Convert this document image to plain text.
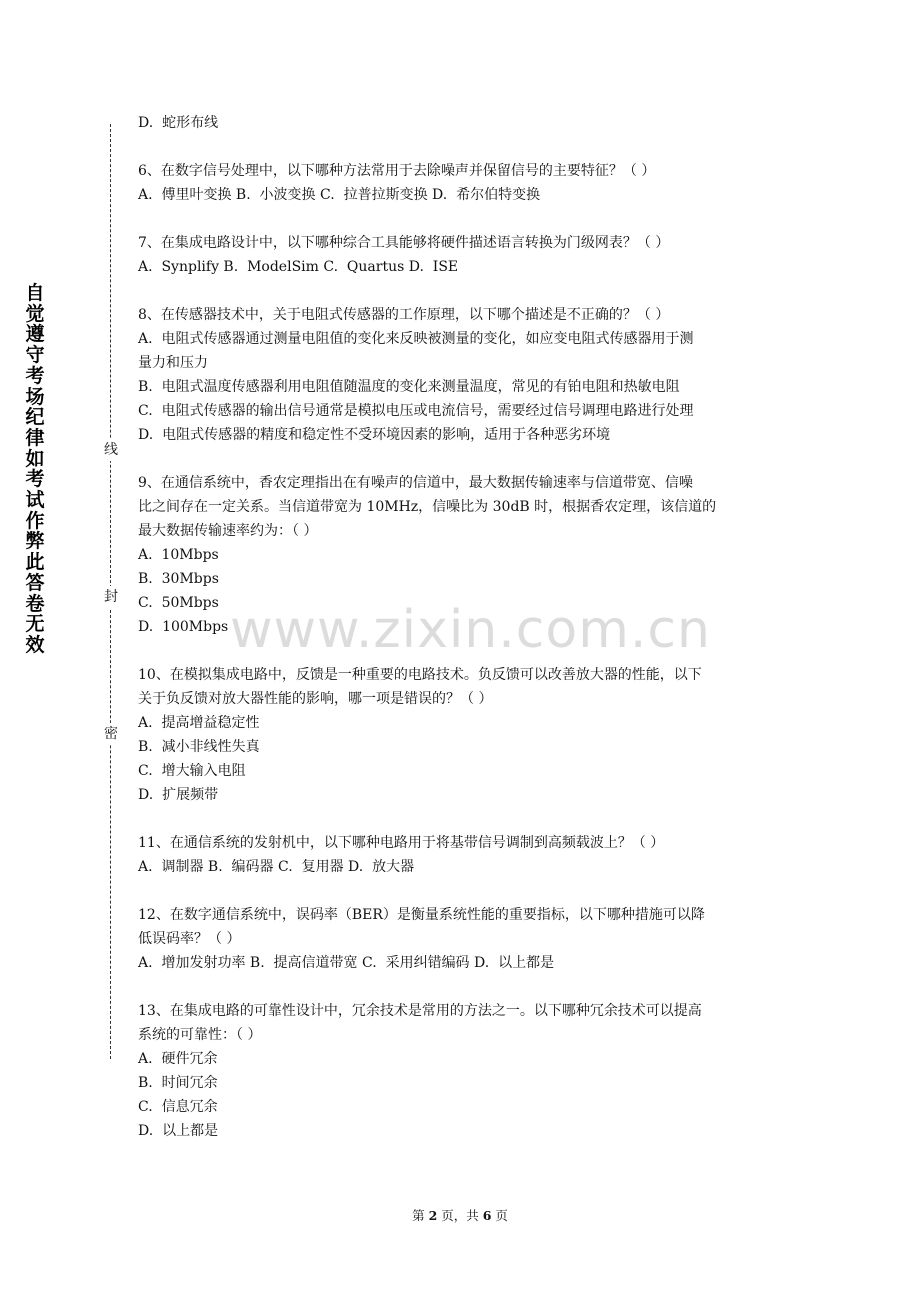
自觉遵守考场纪律如考试作弊此答卷无效
线
封
密
www.zixin.com.cn
D.  蛇形布线
6、在数字信号处理中，以下哪种方法常用于去除噪声并保留信号的主要特征？（ ）
A.  傅里叶变换 B.  小波变换 C.  拉普拉斯变换 D.  希尔伯特变换
7、在集成电路设计中，以下哪种综合工具能够将硬件描述语言转换为门级网表？（ ）
A.  Synplify B.  ModelSim C.  Quartus D.  ISE
8、在传感器技术中，关于电阻式传感器的工作原理，以下哪个描述是不正确的？（ ）
A.  电阻式传感器通过测量电阻值的变化来反映被测量的变化，如应变电阻式传感器用于测
量力和压力
B.  电阻式温度传感器利用电阻值随温度的变化来测量温度，常见的有铂电阻和热敏电阻
C.  电阻式传感器的输出信号通常是模拟电压或电流信号，需要经过信号调理电路进行处理
D.  电阻式传感器的精度和稳定性不受环境因素的影响，适用于各种恶劣环境
9、在通信系统中，香农定理指出在有噪声的信道中，最大数据传输速率与信道带宽、信噪
比之间存在一定关系。当信道带宽为 10MHz，信噪比为 30dB 时，根据香农定理，该信道的
最大数据传输速率约为：（ ）
A.  10Mbps
B.  30Mbps
C.  50Mbps
D.  100Mbps
10、在模拟集成电路中，反馈是一种重要的电路技术。负反馈可以改善放大器的性能，以下
关于负反馈对放大器性能的影响，哪一项是错误的？（ ）
A.  提高增益稳定性
B.  减小非线性失真
C.  增大输入电阻
D.  扩展频带
11、在通信系统的发射机中，以下哪种电路用于将基带信号调制到高频载波上？（ ）
A.  调制器 B.  编码器 C.  复用器 D.  放大器
12、在数字通信系统中，误码率（BER）是衡量系统性能的重要指标，以下哪种措施可以降
低误码率？（ ）
A.  增加发射功率 B.  提高信道带宽 C.  采用纠错编码 D.  以上都是
13、在集成电路的可靠性设计中，冗余技术是常用的方法之一。以下哪种冗余技术可以提高
系统的可靠性：（ ）
A.  硬件冗余
B.  时间冗余
C.  信息冗余
D.  以上都是
第 2 页，共 6 页
